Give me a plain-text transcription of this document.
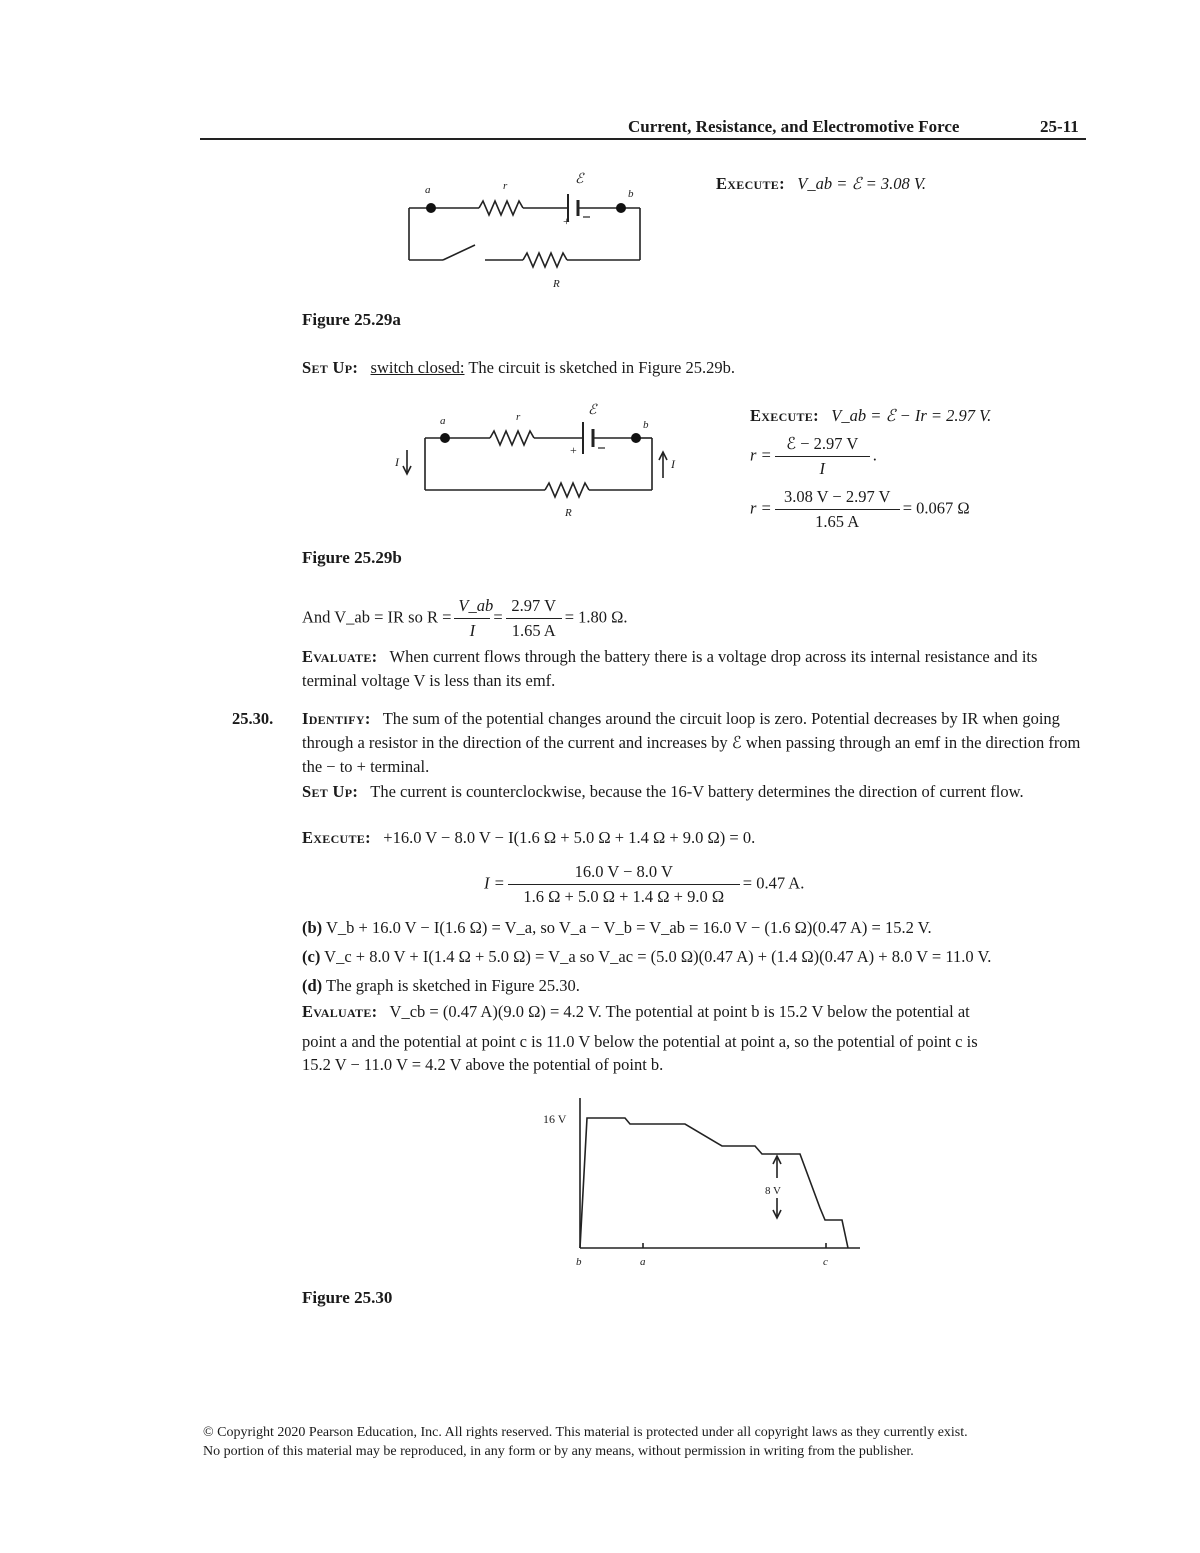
Current, Resistance, and Electromotive Force	25-11
+
a	r	ℰ
b
R
Execute: V_ab = ℰ = 3.08 V.
Figure 25.29a
Set Up: switch closed: The circuit is sketched in Figure 25.29b.
+
a	r	ℰ
b
R
I	I
Execute: V_ab = ℰ − Ir = 2.97 V.
$r = \frac{\text{ℰ − 2.97 V}}{I}$ .
$r = \frac{3.08 V - 2.97 V}{1.65 A} = 0.067$ Ω
Figure 25.29b
And V_ab = IR so $R = \frac{V\_ab}{I} = \frac{2.97 V}{1.65 A} = 1.80$ Ω.
Evaluate: When current flows through the battery there is a voltage drop across its internal resistance and its terminal voltage V is less than its emf.
25.30. Identify: The sum of the potential changes around the circuit loop is zero. Potential decreases by IR when going through a resistor in the direction of the current and increases by ℰ when passing through an emf in the direction from the − to + terminal.
Set Up: The current is counterclockwise, because the 16-V battery determines the direction of current flow.
Execute: +16.0 V − 8.0 V − I(1.6 Ω + 5.0 Ω + 1.4 Ω + 9.0 Ω) = 0.
$I = \frac{16.0 V - 8.0 V}{1.6 \Omega + 5.0 \Omega + 1.4 \Omega + 9.0 \Omega} = 0.47$ A.
(b) V_b + 16.0 V − I(1.6 Ω) = V_a, so V_a − V_b = V_ab = 16.0 V − (1.6 Ω)(0.47 A) = 15.2 V.
(c) V_c + 8.0 V + I(1.4 Ω + 5.0 Ω) = V_a so V_ac = (5.0 Ω)(0.47 A) + (1.4 Ω)(0.47 A) + 8.0 V = 11.0 V.
(d) The graph is sketched in Figure 25.30.
Evaluate: V_cb = (0.47 A)(9.0 Ω) = 4.2 V. The potential at point b is 15.2 V below the potential at
point a and the potential at point c is 11.0 V below the potential at point a, so the potential of point c is
15.2 V − 11.0 V = 4.2 V above the potential of point b.
16 V
8 V
b	a	c
Figure 25.30
© Copyright 2020 Pearson Education, Inc. All rights reserved. This material is protected under all copyright laws as they currently exist.
No portion of this material may be reproduced, in any form or by any means, without permission in writing from the publisher.
